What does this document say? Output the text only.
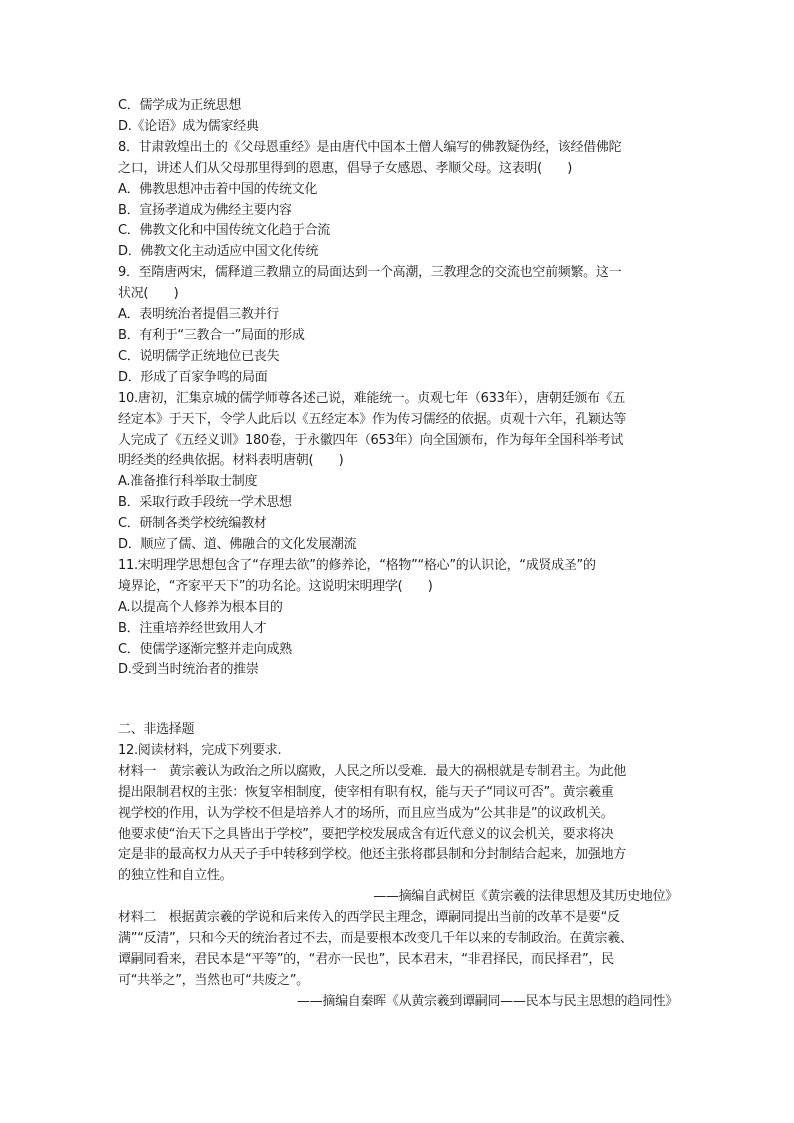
C．儒学成为正统思想

D.《论语》成为儒家经典

8．甘肃敦煌出土的《父母恩重经》是由唐代中国本土僧人编写的佛教疑伪经，该经借佛陀

之口，讲述人们从父母那里得到的恩惠，倡导子女感恩、孝顺父母。这表明(　　)

A．佛教思想冲击着中国的传统文化

B．宣扬孝道成为佛经主要内容

C．佛教文化和中国传统文化趋于合流

D．佛教文化主动适应中国文化传统

9．至隋唐两宋，儒释道三教鼎立的局面达到一个高潮，三教理念的交流也空前频繁。这一

状况(　　)

A．表明统治者提倡三教并行

B．有利于“三教合一”局面的形成

C．说明儒学正统地位已丧失

D．形成了百家争鸣的局面

10.唐初，汇集京城的儒学师尊各述己说，难能统一。贞观七年（633年），唐朝廷颁布《五

经定本》于天下，令学人此后以《五经定本》作为传习儒经的依据。贞观十六年，孔颖达等

人完成了《五经义训》180卷，于永徽四年（653年）向全国颁布，作为每年全国科举考试

明经类的经典依据。材料表明唐朝(　　)

A.准备推行科举取士制度

B．采取行政手段统一学术思想

C．研制各类学校统编教材

D．顺应了儒、道、佛融合的文化发展潮流

11.宋明理学思想包含了“存理去欲”的修养论，“格物”“格心”的认识论，“成贤成圣”的

境界论，“齐家平天下”的功名论。这说明宋明理学(　　)

A.以提高个人修养为根本目的

B．注重培养经世致用人才

C．使儒学逐渐完整并走向成熟

D.受到当时统治者的推崇

二、非选择题

12.阅读材料，完成下列要求.

材料一　黄宗羲认为政治之所以腐败，人民之所以受难．最大的祸根就是专制君主。为此他

提出限制君权的主张：恢复宰相制度，使宰相有职有权，能与天子“同议可否”。黄宗羲重

视学校的作用，认为学校不但是培养人才的场所，而且应当成为“公其非是”的议政机关。

他要求使“治天下之具皆出于学校”，要把学校发展成含有近代意义的议会机关，要求将决

定是非的最高权力从天子手中转移到学校。他还主张将郡县制和分封制结合起来，加强地方

的独立性和自立性。

——摘编自武树臣《黄宗羲的法律思想及其历史地位》

材料二　根据黄宗羲的学说和后来传入的西学民主理念，谭嗣同提出当前的改革不是要“反

满”“反清”，只和今天的统治者过不去，而是要根本改变几千年以来的专制政治。在黄宗羲、

谭嗣同看来，君民本是“平等”的，“君亦一民也”，民本君末，“非君择民，而民择君”，民

可“共举之”，当然也可“共废之”。

——摘编自秦晖《从黄宗羲到谭嗣同——民本与民主思想的趋同性》
